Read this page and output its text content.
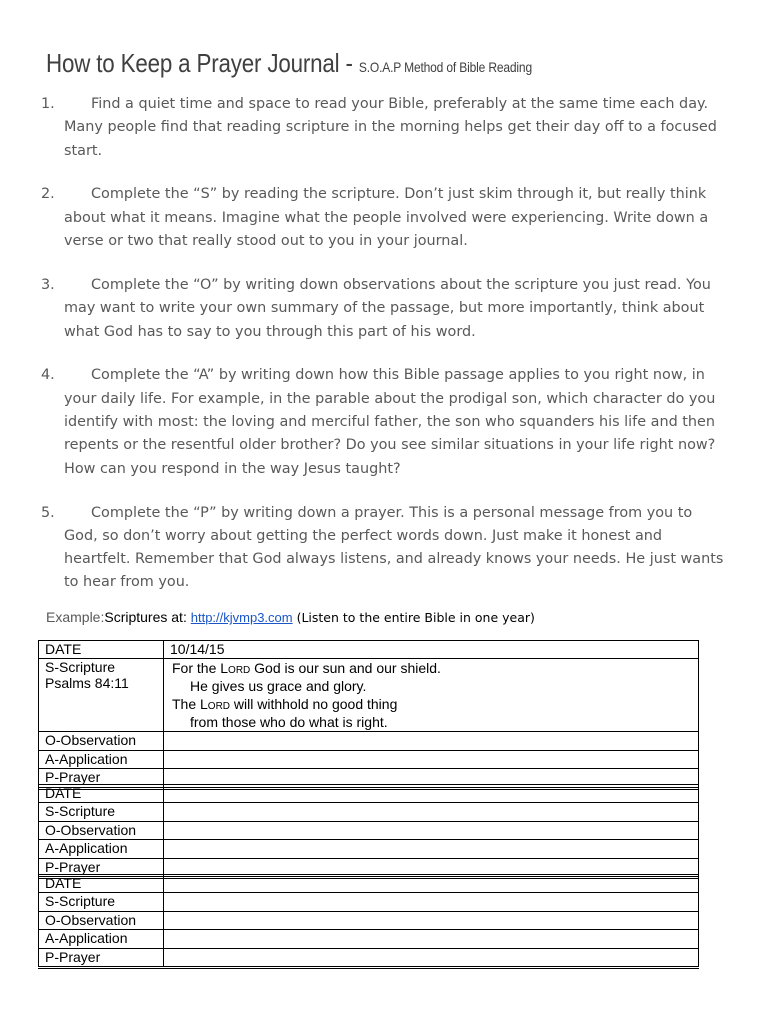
How to Keep a Prayer Journal - S.O.A.P Method of Bible Reading
1.	Find a quiet time and space to read your Bible, preferably at the same time each day. Many people find that reading scripture in the morning helps get their day off to a focused start.
2.	Complete the “S” by reading the scripture. Don’t just skim through it, but really think about what it means. Imagine what the people involved were experiencing. Write down a verse or two that really stood out to you in your journal.
3.	Complete the “O” by writing down observations about the scripture you just read. You may want to write your own summary of the passage, but more importantly, think about what God has to say to you through this part of his word.
4.	Complete the “A” by writing down how this Bible passage applies to you right now, in your daily life. For example, in the parable about the prodigal son, which character do you identify with most: the loving and merciful father, the son who squanders his life and then repents or the resentful older brother? Do you see similar situations in your life right now? How can you respond in the way Jesus taught?
5.	Complete the “P” by writing down a prayer. This is a personal message from you to God, so don’t worry about getting the perfect words down. Just make it honest and heartfelt. Remember that God always listens, and already knows your needs. He just wants to hear from you.
Example:Scriptures at: http://kjvmp3.com (Listen to the entire Bible in one year)
DATE	10/14/15
S-Scripture
Psalms 84:11	For the Lord God is our sun and our shield.
He gives us grace and glory.
The Lord will withhold no good thing
from those who do what is right.

O-Observation	
A-Application	
P-Prayer	
DATE	
S-Scripture	
O-Observation	
A-Application	
P-Prayer	
DATE	
S-Scripture	
O-Observation	
A-Application	
P-Prayer	
